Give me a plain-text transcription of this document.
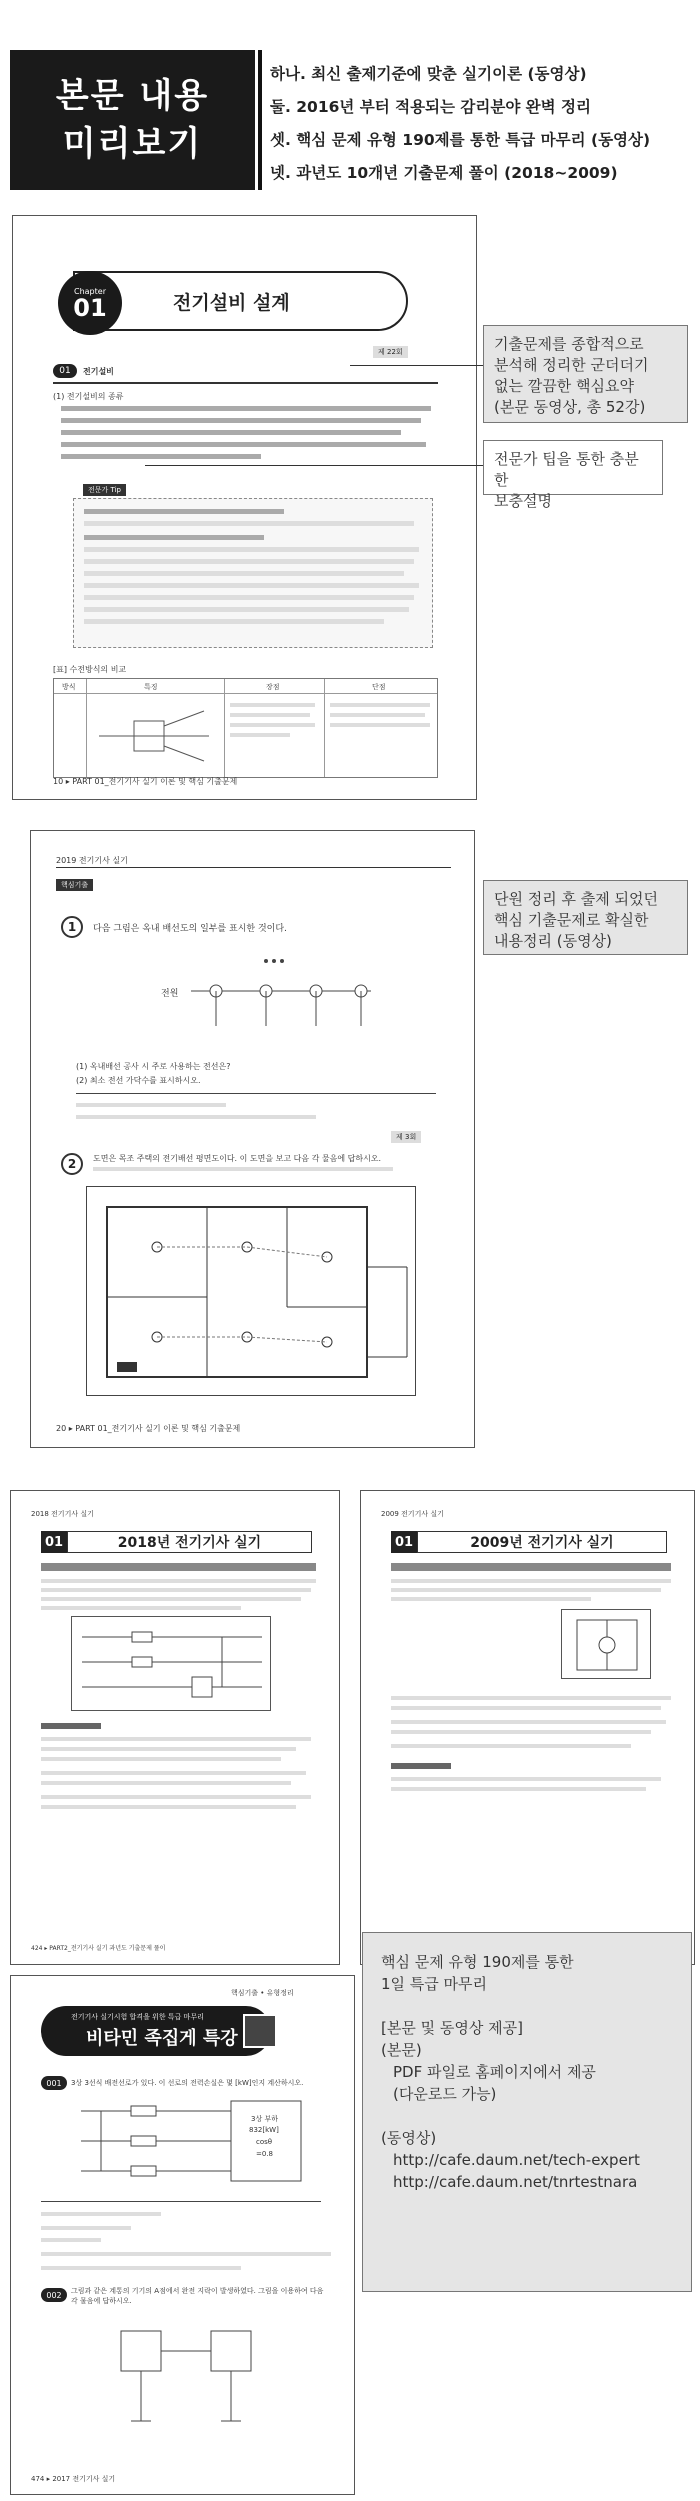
본문 내용
미리보기
하나. 최신 출제기준에 맞춘 실기이론 (동영상)
둘. 2016년 부터 적용되는 감리분야 완벽 정리
셋. 핵심 문제 유형 190제를 통한 특급 마무리 (동영상)
넷. 과년도 10개년 기출문제 풀이 (2018~2009)
Chapter
01	전기설비 설계
제 22회
01	전기설비
(1) 전기설비의 종류
전문가 Tip
[표] 수전방식의 비교
방식	특징	장점	단점
10 ▸ PART 01_전기기사 실기 이론 및 핵심 기출문제
기출문제를 종합적으로
분석해 정리한 군더더기
없는 깔끔한 핵심요약
(본문 동영상, 총 52강)
전문가 팁을 통한 충분한
보충설명
2019 전기기사 실기
핵심기출
1	다음 그림은 옥내 배선도의 일부를 표시한 것이다.
전원
(1) 옥내배선 공사 시 주로 사용하는 전선은?
(2) 최소 전선 가닥수를 표시하시오.
제 3회
2	도면은 목조 주택의 전기배선 평면도이다. 이 도면을 보고 다음 각 물음에 답하시오.
20 ▸ PART 01_전기기사 실기 이론 및 핵심 기출문제
단원 정리 후 출제 되었던
핵심 기출문제로 확실한
내용정리 (동영상)
2018 전기기사 실기
01	2018년 전기기사 실기
424 ▸ PART2_전기기사 실기 과년도 기출문제 풀이
2009 전기기사 실기
01	2009년 전기기사 실기
핵심기출 • 유형정리
전기기사 실기시험 합격을 위한 특급 마무리
비타민 족집게 특강
001	3상 3선식 배전선로가 있다. 이 선로의 전력손실은 몇 [kW]인지 계산하시오.
3상 부하
832[kW]
cosθ
=0.8
002	그림과 같은 계통의 기기의 A점에서 완전 지락이 발생하였다. 그림을 이용하여 다음 각 물음에 답하시오.
474 ▸ 2017 전기기사 실기
핵심 문제 유형 190제를 통한
1일 특급 마무리
[본문 및 동영상 제공]
(본문)
PDF 파일로 홈페이지에서 제공
(다운로드 가능)
(동영상)
http://cafe.daum.net/tech-expert
http://cafe.daum.net/tnrtestnara
